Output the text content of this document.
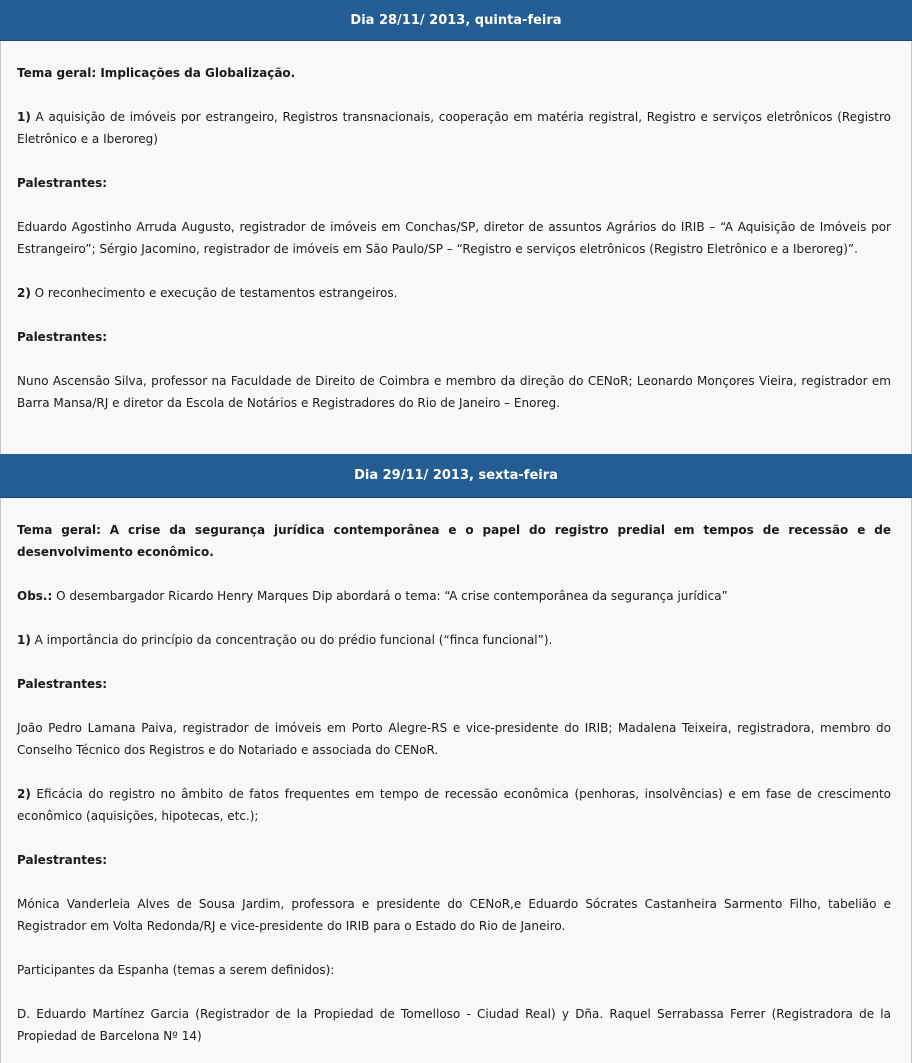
Dia 28/11/ 2013, quinta-feira

Tema geral: Implicações da Globalização.

1) A aquisição de imóveis por estrangeiro, Registros transnacionais, cooperação em matéria registral, Registro e serviços eletrônicos (Registro Eletrônico e a Iberoreg)

Palestrantes:

Eduardo Agostinho Arruda Augusto, registrador de imóveis em Conchas/SP, diretor de assuntos Agrários do IRIB – “A Aquisição de Imóveis por Estrangeiro”; Sérgio Jacomino, registrador de imóveis em São Paulo/SP – “Registro e serviços eletrônicos (Registro Eletrônico e a Iberoreg)”.

2) O reconhecimento e execução de testamentos estrangeiros.

Palestrantes:

Nuno Ascensão Silva, professor na Faculdade de Direito de Coimbra e membro da direção do CENoR; Leonardo Monçores Vieira, registrador em Barra Mansa/RJ e diretor da Escola de Notários e Registradores do Rio de Janeiro – Enoreg.

Dia 29/11/ 2013, sexta-feira

Tema geral: A crise da segurança jurídica contemporânea e o papel do registro predial em tempos de recessão e de desenvolvimento econômico.

Obs.: O desembargador Ricardo Henry Marques Dip abordará o tema: “A crise contemporânea da segurança jurídica”

1) A importância do princípio da concentração ou do prédio funcional (“finca funcional”).

Palestrantes:

João Pedro Lamana Paiva, registrador de imóveis em Porto Alegre-RS e vice-presidente do IRIB; Madalena Teixeira, registradora, membro do Conselho Técnico dos Registros e do Notariado e associada do CENoR.

2) Eficácia do registro no âmbito de fatos frequentes em tempo de recessão econômica (penhoras, insolvências) e em fase de crescimento econômico (aquisições, hipotecas, etc.);

Palestrantes:

Mónica Vanderleia Alves de Sousa Jardim, professora e presidente do CENoR,e Eduardo Sócrates Castanheira Sarmento Filho, tabelião e Registrador em Volta Redonda/RJ e vice-presidente do IRIB para o Estado do Rio de Janeiro.

Participantes da Espanha (temas a serem definidos):

D. Eduardo Martínez Garcia (Registrador de la Propiedad de Tomelloso - Ciudad Real) y Dña. Raquel Serrabassa Ferrer (Registradora de la Propiedad de Barcelona Nº 14)
